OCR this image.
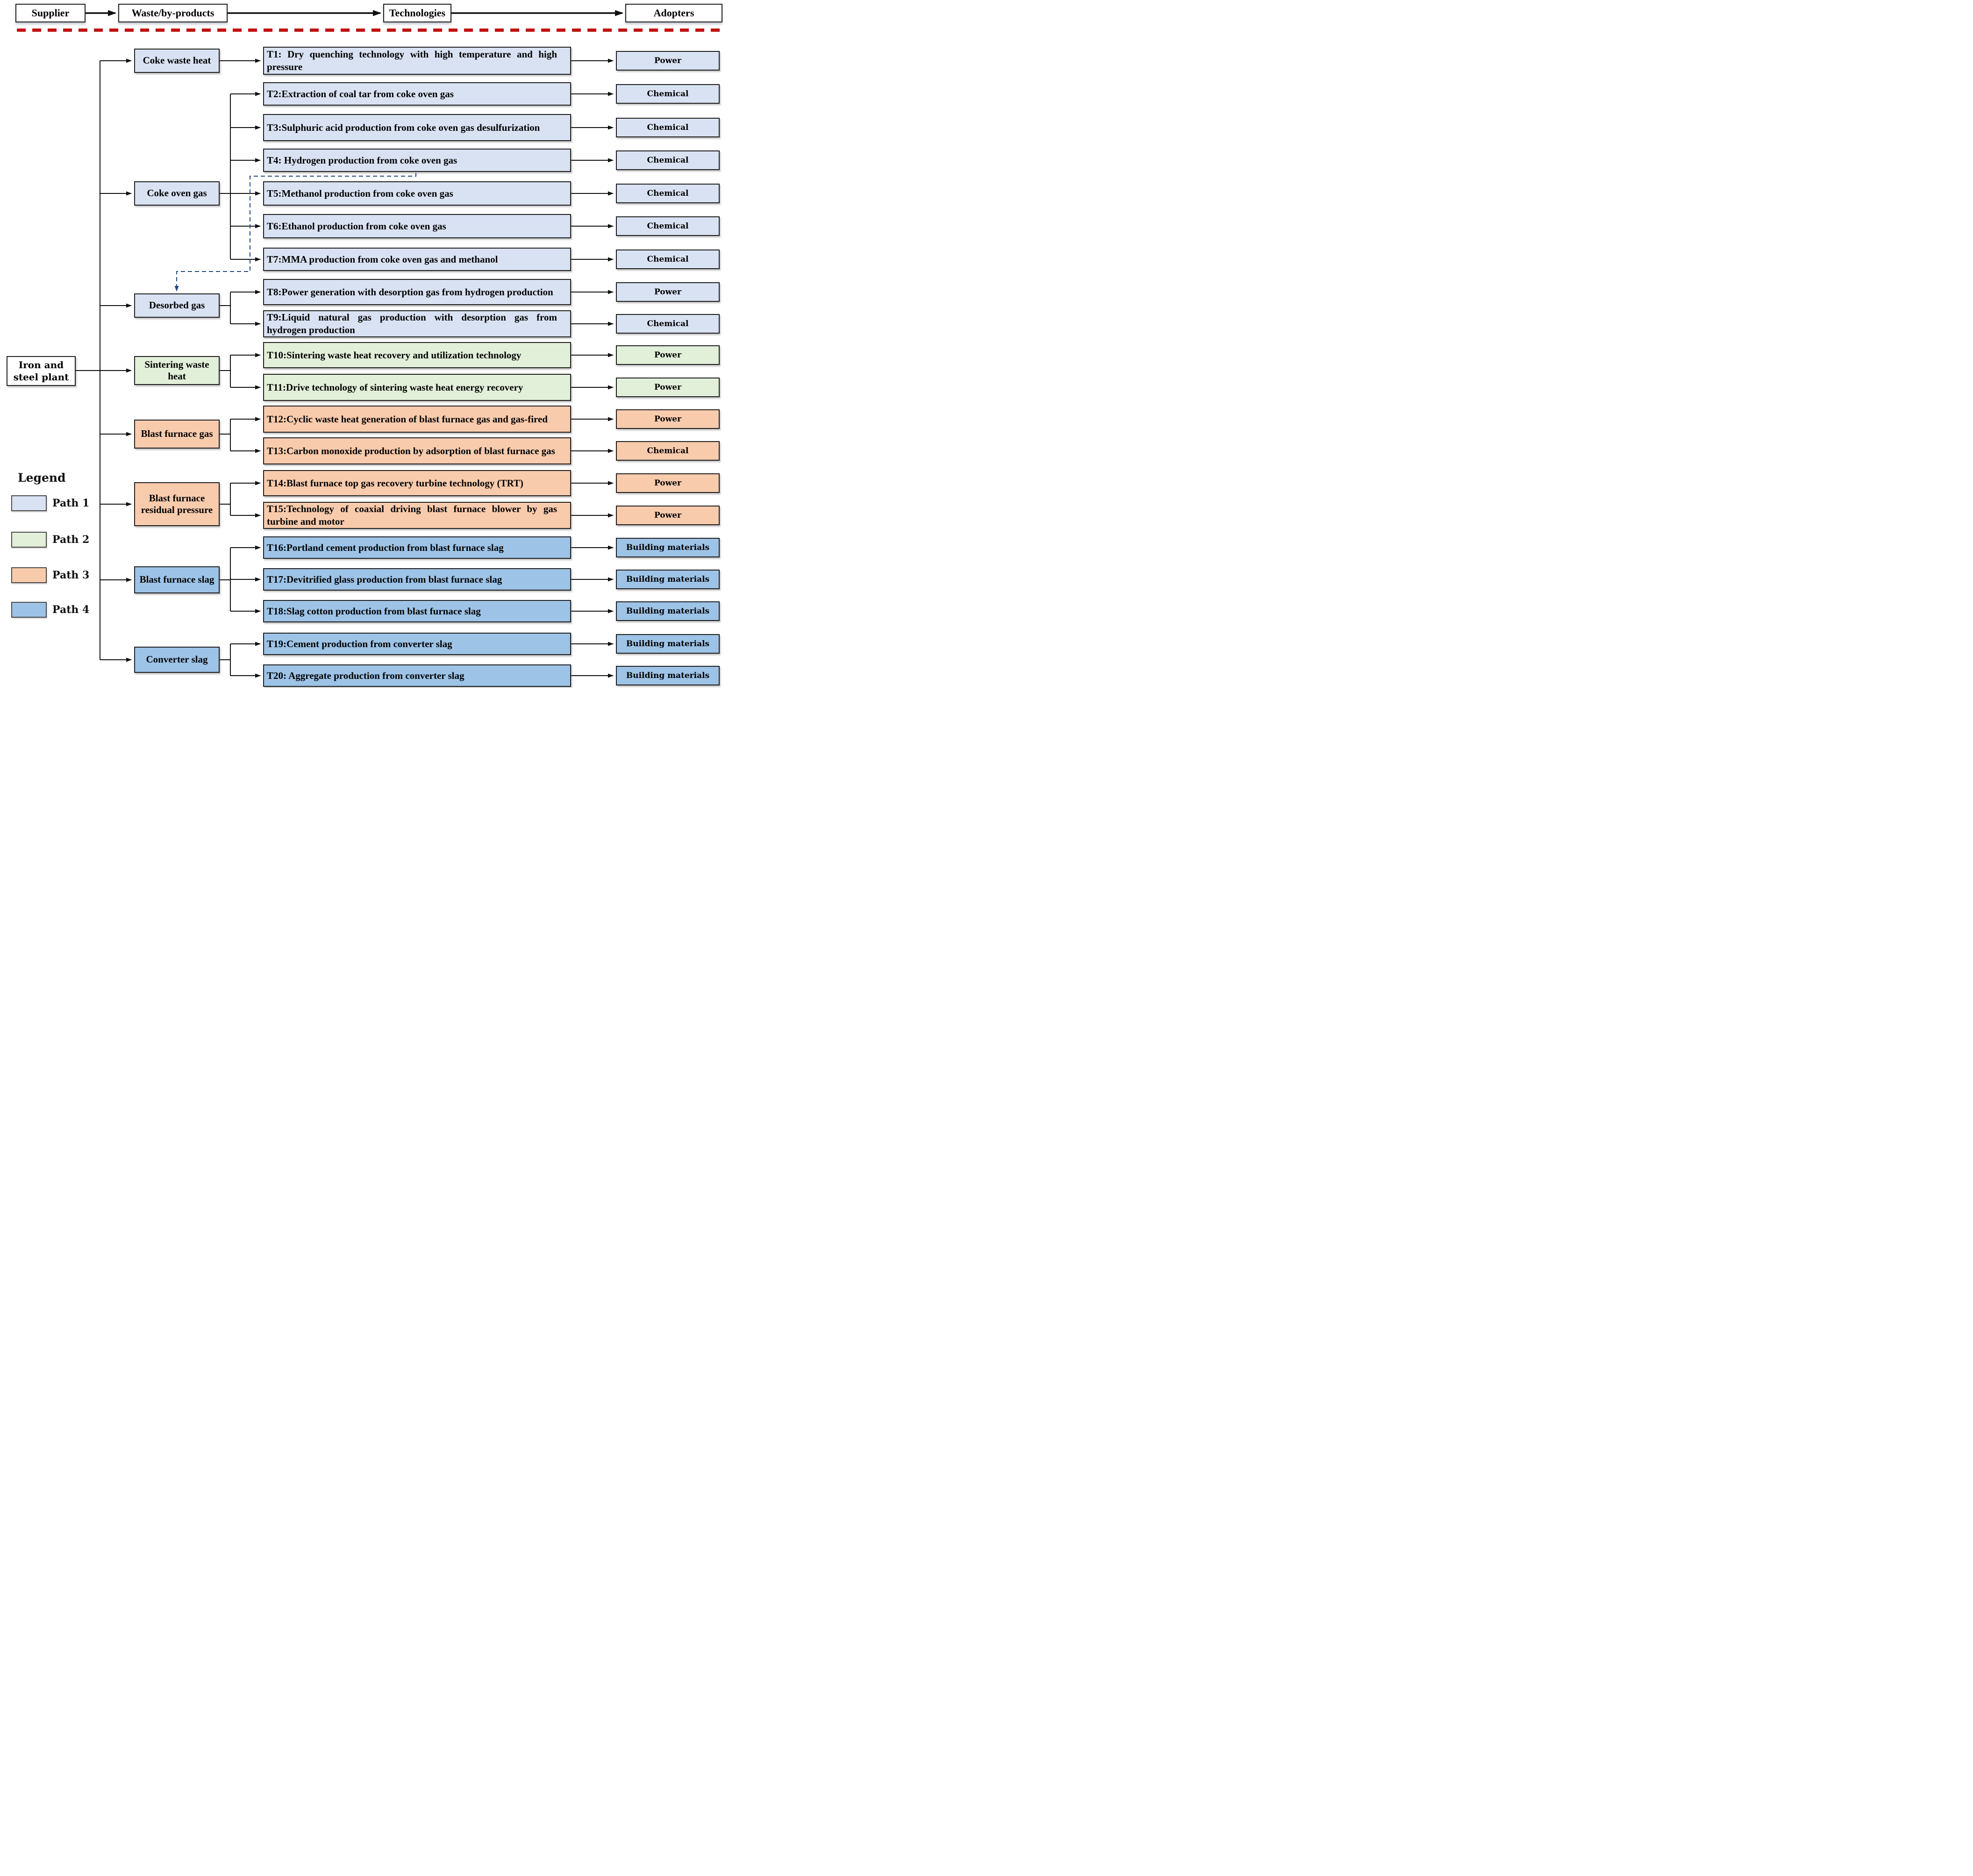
Supplier	Waste/by-products	Technologies	Adopters
Iron and steel plant
Coke waste heat
Coke oven gas
Desorbed gas
Sintering waste heat
Blast furnace gas
Blast furnace residual pressure
Blast furnace slag
Converter slag
T1: Dry quenching technology with high temperature and high pressure
T2:Extraction of coal tar from coke oven gas
T3:Sulphuric acid production from coke oven gas desulfurization
T4: Hydrogen production from coke oven gas
T5:Methanol production from coke oven gas
T6:Ethanol production from coke oven gas
T7:MMA production from coke oven gas and methanol
T8:Power generation with desorption gas from hydrogen production
T9:Liquid natural gas production with desorption gas from hydrogen production
T10:Sintering waste heat recovery and utilization technology
T11:Drive technology of sintering waste heat energy recovery
T12:Cyclic waste heat generation of blast furnace gas and gas-fired
T13:Carbon monoxide production by adsorption of blast furnace gas
T14:Blast furnace top gas recovery turbine technology (TRT)
T15:Technology of coaxial driving blast furnace blower by gas turbine and motor
T16:Portland cement production from blast furnace slag
T17:Devitrified glass production from blast furnace slag
T18:Slag cotton production from blast furnace slag
T19:Cement production from converter slag
T20: Aggregate production from converter slag
Power
Chemical
Chemical
Chemical
Chemical
Chemical
Chemical
Power
Chemical
Power
Power
Power
Chemical
Power
Power
Building materials
Building materials
Building materials
Building materials
Building materials
Legend
Path 1
Path 2
Path 3
Path 4
